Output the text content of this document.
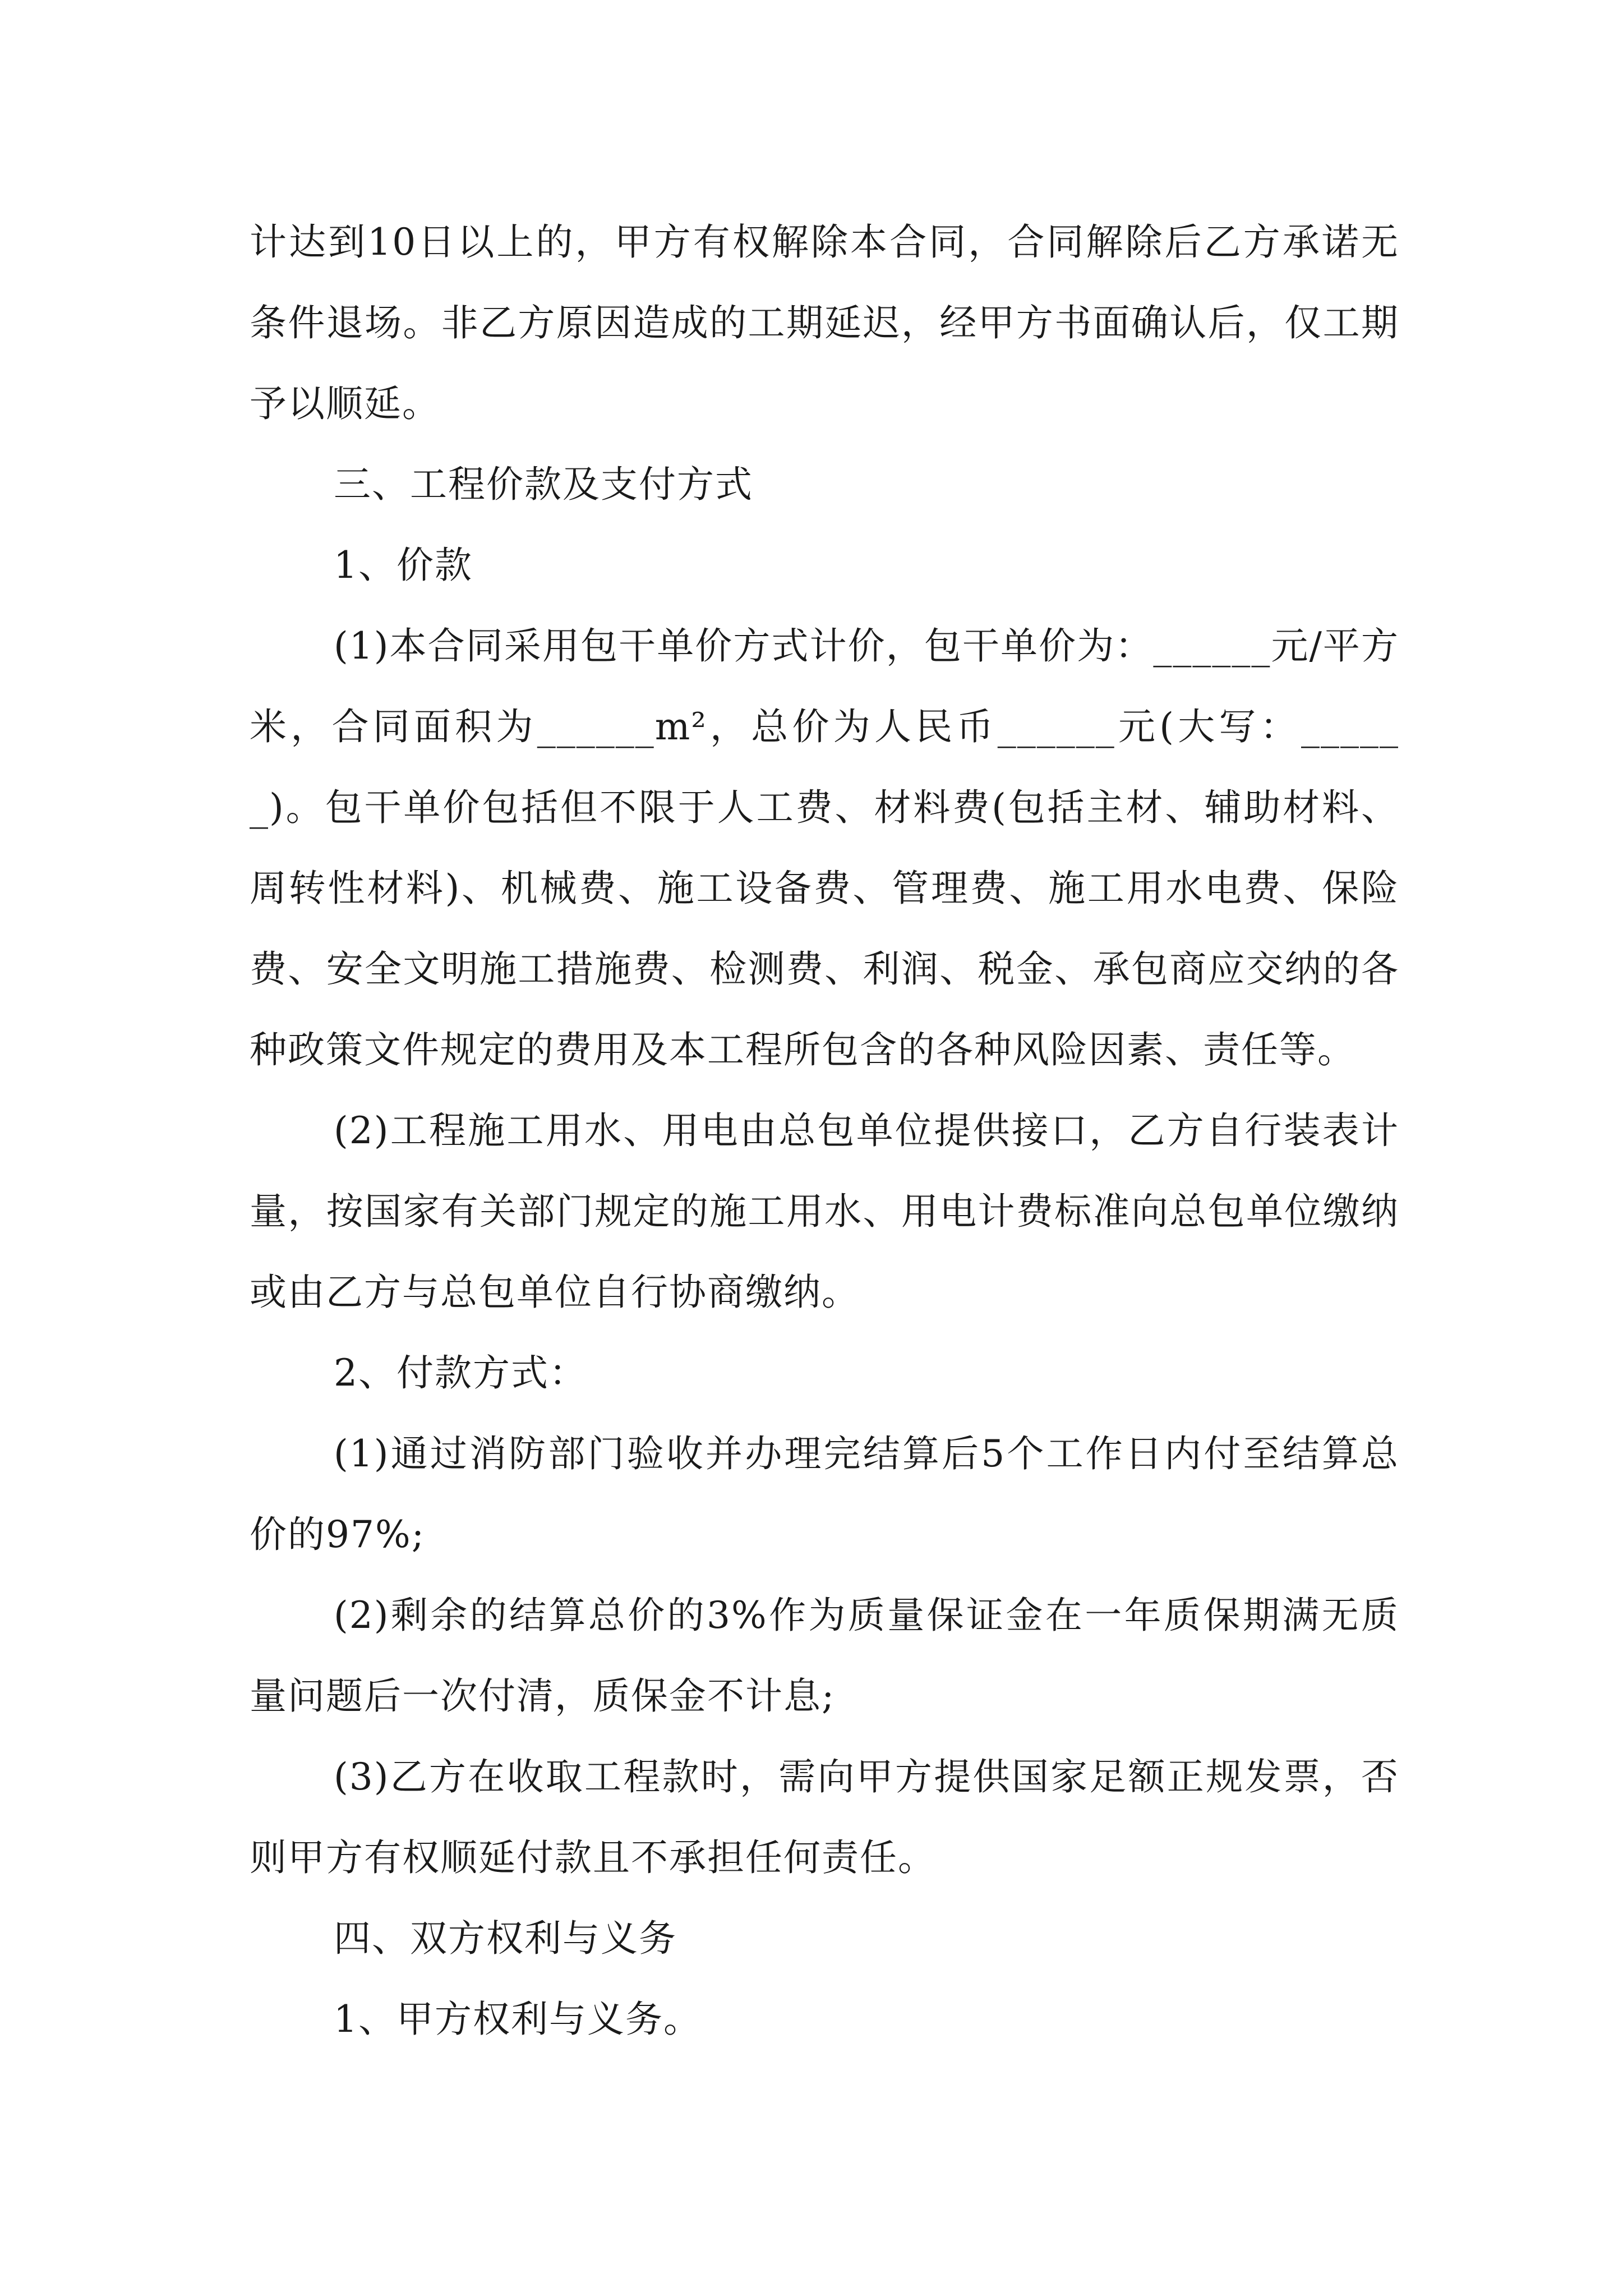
计达到10日以上的，甲方有权解除本合同，合同解除后乙方承诺无条件退场。非乙方原因造成的工期延迟，经甲方书面确认后，仅工期予以顺延。

三、工程价款及支付方式

1、价款

(1)本合同采用包干单价方式计价，包干单价为：______元/平方米，合同面积为______m²，总价为人民币______元(大写：______)。包干单价包括但不限于人工费、材料费(包括主材、辅助材料、周转性材料)、机械费、施工设备费、管理费、施工用水电费、保险费、安全文明施工措施费、检测费、利润、税金、承包商应交纳的各种政策文件规定的费用及本工程所包含的各种风险因素、责任等。

(2)工程施工用水、用电由总包单位提供接口，乙方自行装表计量，按国家有关部门规定的施工用水、用电计费标准向总包单位缴纳或由乙方与总包单位自行协商缴纳。

2、付款方式：

(1)通过消防部门验收并办理完结算后5个工作日内付至结算总价的97%;

(2)剩余的结算总价的3%作为质量保证金在一年质保期满无质量问题后一次付清，质保金不计息;

(3)乙方在收取工程款时，需向甲方提供国家足额正规发票，否则甲方有权顺延付款且不承担任何责任。

四、双方权利与义务

1、甲方权利与义务。
